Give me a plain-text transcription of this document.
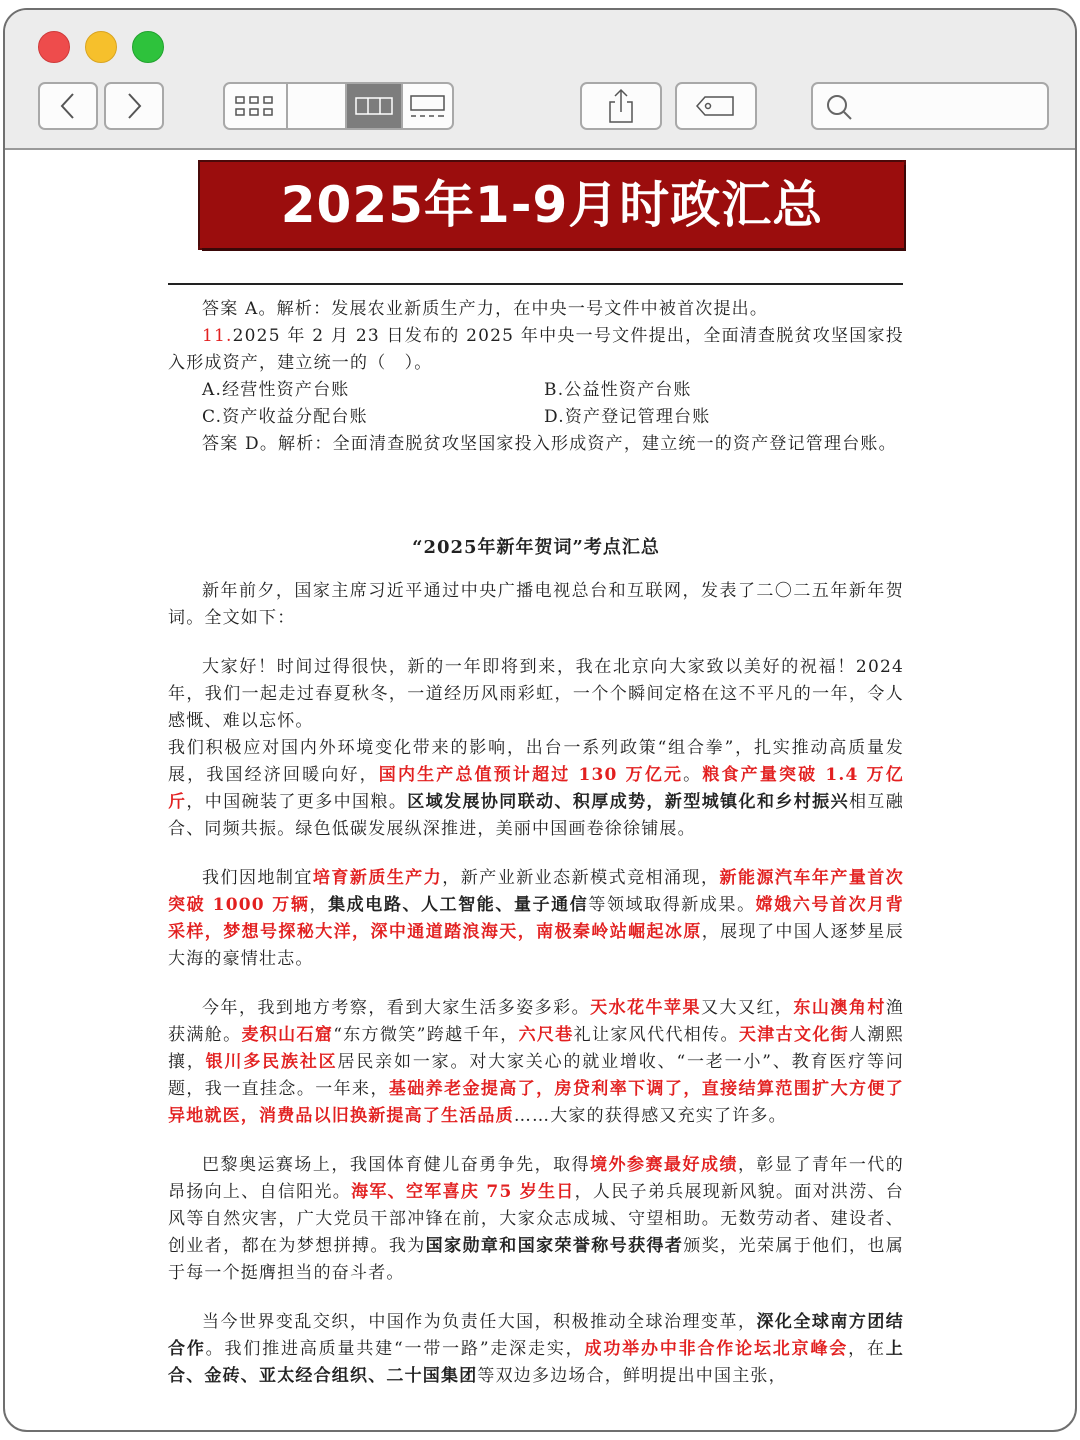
2025年1-9月时政汇总

答案 A。解析：发展农业新质生产力，在中央一号文件中被首次提出。

11.2025 年 2 月 23 日发布的 2025 年中央一号文件提出，全面清查脱贫攻坚国家投入形成资产，建立统一的（　）。

A.经营性资产台账	B.公益性资产台账
C.资产收益分配台账	D.资产登记管理台账

答案 D。解析：全面清查脱贫攻坚国家投入形成资产，建立统一的资产登记管理台账。

“2025年新年贺词”考点汇总

新年前夕，国家主席习近平通过中央广播电视总台和互联网，发表了二〇二五年新年贺词。全文如下：

大家好！时间过得很快，新的一年即将到来，我在北京向大家致以美好的祝福！2024 年，我们一起走过春夏秋冬，一道经历风雨彩虹，一个个瞬间定格在这不平凡的一年，令人感慨、难以忘怀。

我们积极应对国内外环境变化带来的影响，出台一系列政策“组合拳”，扎实推动高质量发展，我国经济回暖向好，国内生产总值预计超过 130 万亿元。粮食产量突破 1.4 万亿斤，中国碗装了更多中国粮。区域发展协同联动、积厚成势，新型城镇化和乡村振兴相互融合、同频共振。绿色低碳发展纵深推进，美丽中国画卷徐徐铺展。

我们因地制宜培育新质生产力，新产业新业态新模式竞相涌现，新能源汽车年产量首次突破 1000 万辆，集成电路、人工智能、量子通信等领域取得新成果。嫦娥六号首次月背采样，梦想号探秘大洋，深中通道踏浪海天，南极秦岭站崛起冰原，展现了中国人逐梦星辰大海的豪情壮志。

今年，我到地方考察，看到大家生活多姿多彩。天水花牛苹果又大又红，东山澳角村渔获满舱。麦积山石窟“东方微笑”跨越千年，六尺巷礼让家风代代相传。天津古文化街人潮熙攘，银川多民族社区居民亲如一家。对大家关心的就业增收、“一老一小”、教育医疗等问题，我一直挂念。一年来，基础养老金提高了，房贷利率下调了，直接结算范围扩大方便了异地就医，消费品以旧换新提高了生活品质……大家的获得感又充实了许多。

巴黎奥运赛场上，我国体育健儿奋勇争先，取得境外参赛最好成绩，彰显了青年一代的昂扬向上、自信阳光。海军、空军喜庆 75 岁生日，人民子弟兵展现新风貌。面对洪涝、台风等自然灾害，广大党员干部冲锋在前，大家众志成城、守望相助。无数劳动者、建设者、创业者，都在为梦想拼搏。我为国家勋章和国家荣誉称号获得者颁奖，光荣属于他们，也属于每一个挺膺担当的奋斗者。

当今世界变乱交织，中国作为负责任大国，积极推动全球治理变革，深化全球南方团结合作。我们推进高质量共建“一带一路”走深走实，成功举办中非合作论坛北京峰会，在上合、金砖、亚太经合组织、二十国集团等双边多边场合，鲜明提出中国主张，
